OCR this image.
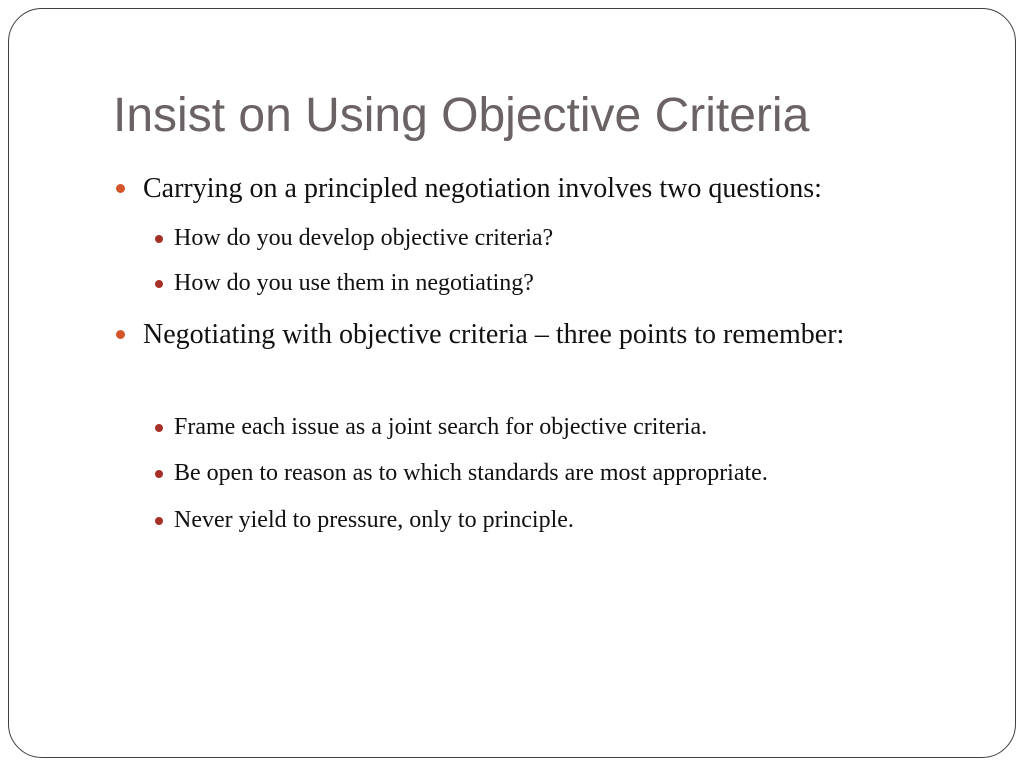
Insist on Using Objective Criteria
Carrying on a principled negotiation involves two questions:
How do you develop objective criteria?
How do you use them in negotiating?
Negotiating with objective criteria – three points to remember:
Frame each issue as a joint search for objective criteria.
Be open to reason as to which standards are most appropriate.
Never yield to pressure, only to principle.
